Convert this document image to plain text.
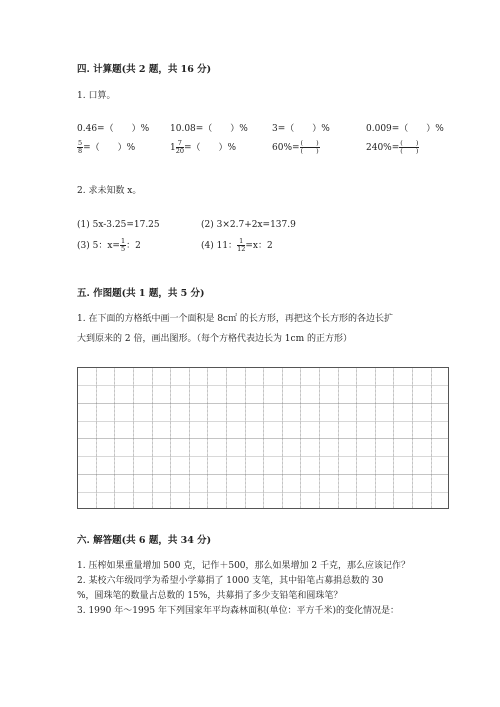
四. 计算题(共 2 题，共 16 分)
1. 口算。
0.46=（　　）% 10.08=（　　）%	3=（　　）%	0.009=（　　）%
$\frac{5}{8}$ =（　　）%	$1 \frac{7}{20}$ =（　　）%	$60\%= \frac{( )}{( )}$	$240\%= \frac{( )}{( )}$
2. 求未知数 x。
(1) 5x-3.25=17.25	(2) 3×2.7+2x=137.9
(3) 5：$x= \frac{1}{5}$ ：2	(4) 11： $\frac{1}{12} =x$：2
五. 作图题(共 1 题，共 5 分)
1. 在下面的方格纸中画一个面积是 8c㎡ 的长方形，再把这个长方形的各边长扩
大到原来的 2 倍，画出图形。（每个方格代表边长为 1cm 的正方形）
六. 解答题(共 6 题，共 34 分)
1. 压榨如果重量增加 500 克，记作＋500，那么如果增加 2 千克，那么应该记作？
2. 某校六年级同学为希望小学募捐了 1000 支笔，其中铅笔占募捐总数的 30
%，圆珠笔的数量占总数的 15%，共募捐了多少支铅笔和圆珠笔？
3. 1990 年～1995 年下列国家年平均森林面积(单位：平方千米)的变化情况是：
